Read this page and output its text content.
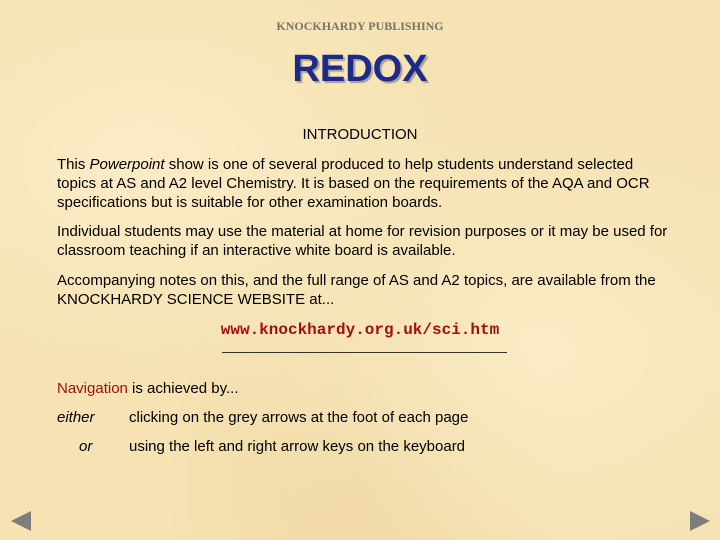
KNOCKHARDY PUBLISHING
REDOX
INTRODUCTION
This Powerpoint show is one of several produced to help students understand selected topics at AS and A2 level Chemistry. It is based on the requirements of the AQA and OCR specifications but is suitable for other examination boards.
Individual students may use the material at home for revision purposes or it may be used for classroom teaching if an interactive white board is available.
Accompanying notes on this, and the full range of AS and A2 topics, are available from the KNOCKHARDY SCIENCE WEBSITE at...
www.knockhardy.org.uk/sci.htm
Navigation is achieved by...
either clicking on the grey arrows at the foot of each page
or using the left and right arrow keys on the keyboard
